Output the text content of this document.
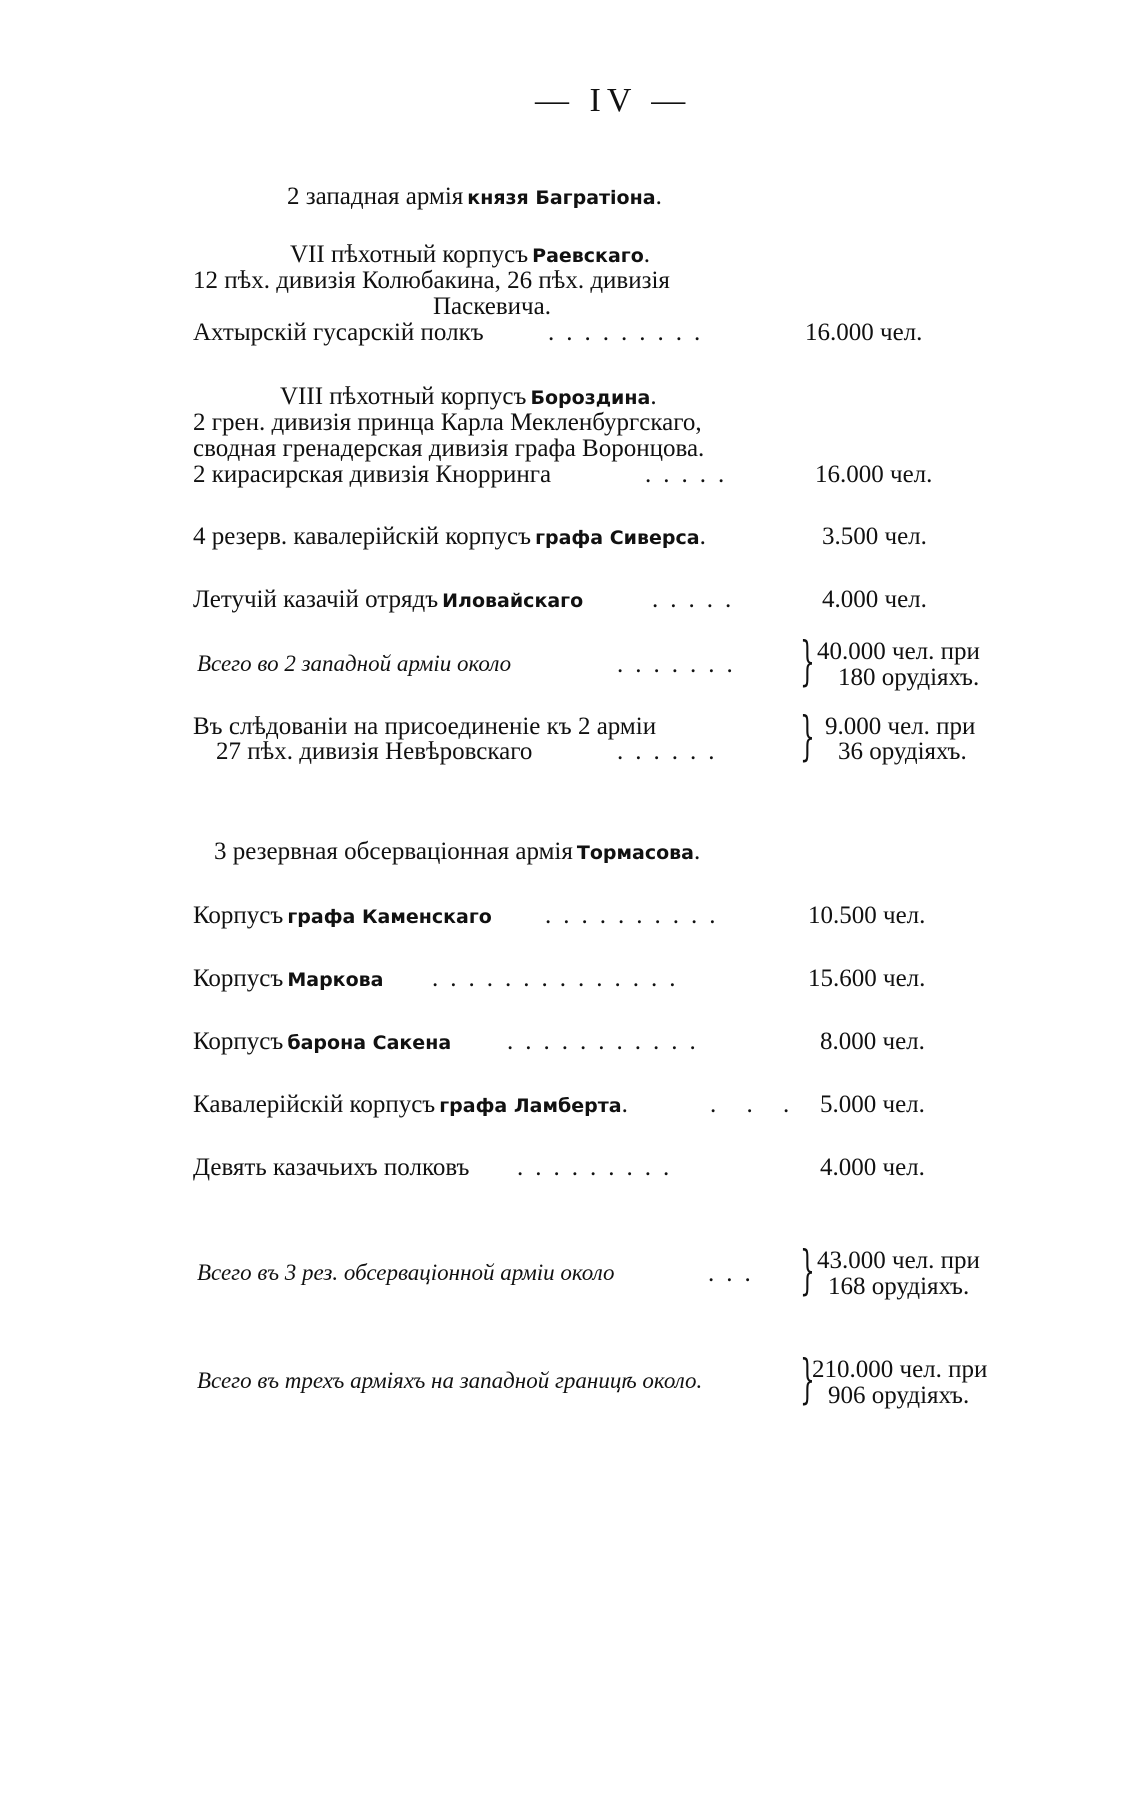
— IV —
2 западная армія князя Багратіона.
VII пѣхотный корпусъ Раевскаго.
12 пѣх. дивизія Колюбакина, 26 пѣх. дивизія
Паскевича.
Ахтырскій гусарскій полкъ	.........	16.000 чел.
VIII пѣхотный корпусъ Бороздина.
2 грен. дивизія принца Карла Мекленбургскаго,
сводная гренадерская дивизія графа Воронцова.
2 кирасирская дивизія Кнорринга	.....	16.000 чел.
4 резерв. кавалерійскій корпусъ графа Сиверса.	3.500 чел.
Летучій казачій отрядъ Иловайскаго	.....	4.000 чел.
Всего во 2 западной арміи около	....... } 40.000 чел. при
180 орудіяхъ.
Въ слѣдованіи на присоединеніе къ 2 арміи
27 пѣх. дивизія Невѣровскаго	...... } 9.000 чел. при
36 орудіяхъ.
3 резервная обсерваціонная армія Тормасова.
Корпусъ графа Каменскаго ..........	10.500 чел.
Корпусъ Маркова ..............	15.600 чел.
Корпусъ барона Сакена ...........	8.000 чел.
Кавалерійскій корпусъ графа Ламберта.	. . . 5.000 чел.
Девять казачьихъ полковъ .........	4.000 чел.
Всего въ 3 рез. обсерваціонной арміи около	... } 43.000 чел. при
168 орудіяхъ.
Всего въ трехъ арміяхъ на западной границѣ около. }
210.000 чел. при
906 орудіяхъ.
